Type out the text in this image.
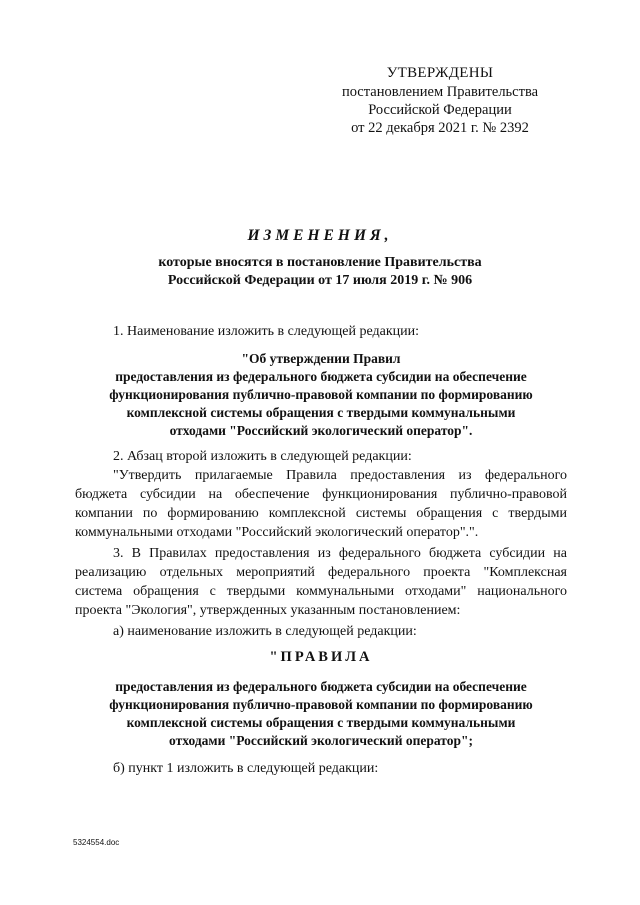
УТВЕРЖДЕНЫ
постановлением Правительства
Российской Федерации
от 22 декабря 2021 г. № 2392
ИЗМЕНЕНИЯ,
которые вносятся в постановление Правительства
Российской Федерации от 17 июля 2019 г. № 906

1. Наименование изложить в следующей редакции:

"Об утверждении Правил
предоставления из федерального бюджета субсидии на обеспечение
функционирования публично-правовой компании по формированию
комплексной системы обращения с твердыми коммунальными
отходами "Российский экологический оператор".

2. Абзац второй изложить в следующей редакции:

"Утвердить прилагаемые Правила предоставления из федерального бюджета субсидии на обеспечение функционирования публично-правовой компании по формированию комплексной системы обращения с твердыми коммунальными отходами "Российский экологический оператор".".

3. В Правилах предоставления из федерального бюджета субсидии на реализацию отдельных мероприятий федерального проекта "Комплексная система обращения с твердыми коммунальными отходами" национального проекта "Экология", утвержденных указанным постановлением:

а) наименование изложить в следующей редакции:

"ПРАВИЛА

предоставления из федерального бюджета субсидии на обеспечение
функционирования публично-правовой компании по формированию
комплексной системы обращения с твердыми коммунальными
отходами "Российский экологический оператор";

б) пункт 1 изложить в следующей редакции:

5324554.doc
